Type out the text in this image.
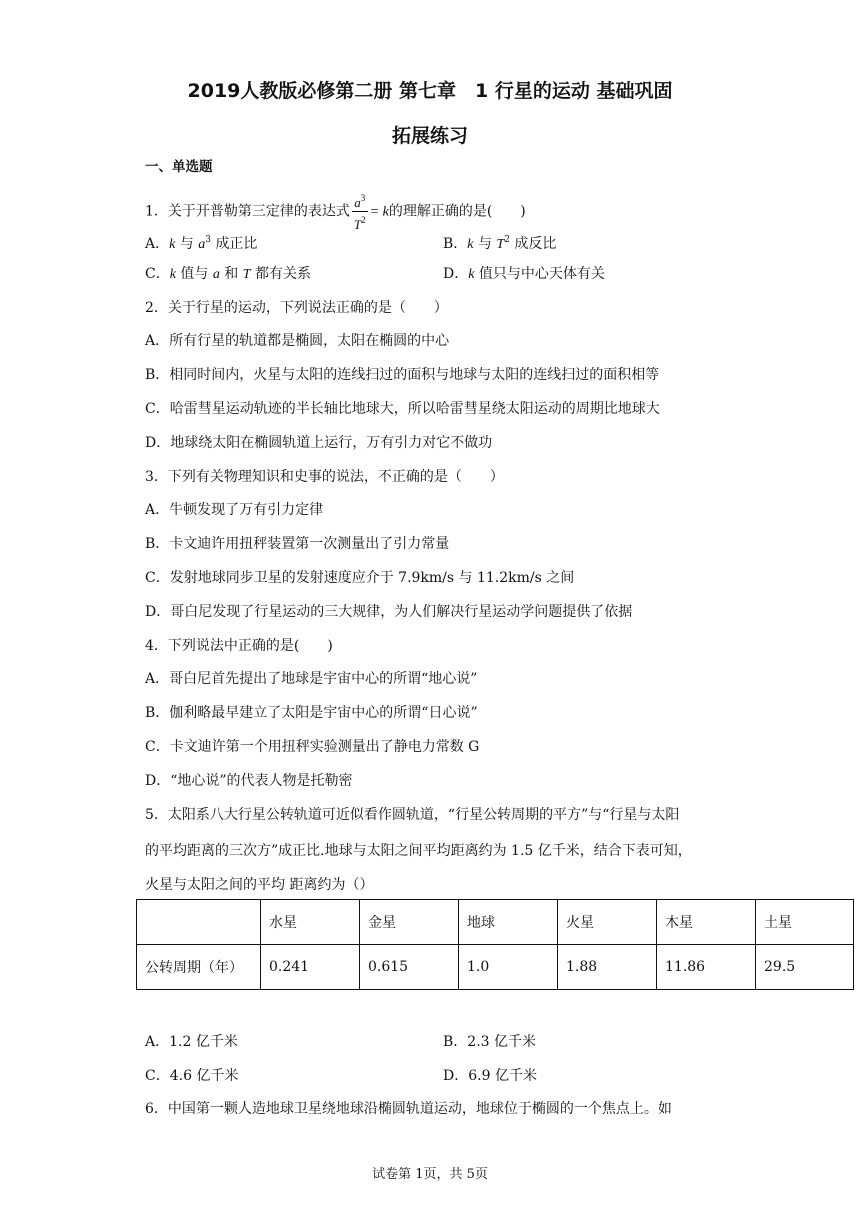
2019人教版必修第二册 第七章　1 行星的运动 基础巩固
拓展练习
一、单选题
1．关于开普勒第三定律的表达式 $\frac{a^3}{T^2} = k$的理解正确的是(　　)
A．k 与 $a^3$ 成正比	B．k 与 $T^2$ 成反比
C．k 值与 a 和 T 都有关系	D．k 值只与中心天体有关
2．关于行星的运动，下列说法正确的是（　　）
A．所有行星的轨道都是椭圆，太阳在椭圆的中心
B．相同时间内，火星与太阳的连线扫过的面积与地球与太阳的连线扫过的面积相等
C．哈雷彗星运动轨迹的半长轴比地球大，所以哈雷彗星绕太阳运动的周期比地球大
D．地球绕太阳在椭圆轨道上运行，万有引力对它不做功
3．下列有关物理知识和史事的说法，不正确的是（　　）
A．牛顿发现了万有引力定律
B．卡文迪许用扭秤装置第一次测量出了引力常量
C．发射地球同步卫星的发射速度应介于 7.9km/s 与 11.2km/s 之间
D．哥白尼发现了行星运动的三大规律，为人们解决行星运动学问题提供了依据
4．下列说法中正确的是(　　)
A．哥白尼首先提出了地球是宇宙中心的所谓“地心说”
B．伽利略最早建立了太阳是宇宙中心的所谓“日心说”
C．卡文迪许第一个用扭秤实验测量出了静电力常数 G
D．“地心说”的代表人物是托勒密
5．太阳系八大行星公转轨道可近似看作圆轨道，“行星公转周期的平方”与“行星与太阳
的平均距离的三次方”成正比.地球与太阳之间平均距离约为 1.5 亿千米，结合下表可知，
火星与太阳之间的平均 距离约为（）
	水星	金星	地球	火星	木星	土星
公转周期（年）	0.241	0.615	1.0	1.88	11.86	29.5
A．1.2 亿千米	B．2.3 亿千米
C．4.6 亿千米	D．6.9 亿千米
6．中国第一颗人造地球卫星绕地球沿椭圆轨道运动，地球位于椭圆的一个焦点上。如
试卷第 1页，共 5页
